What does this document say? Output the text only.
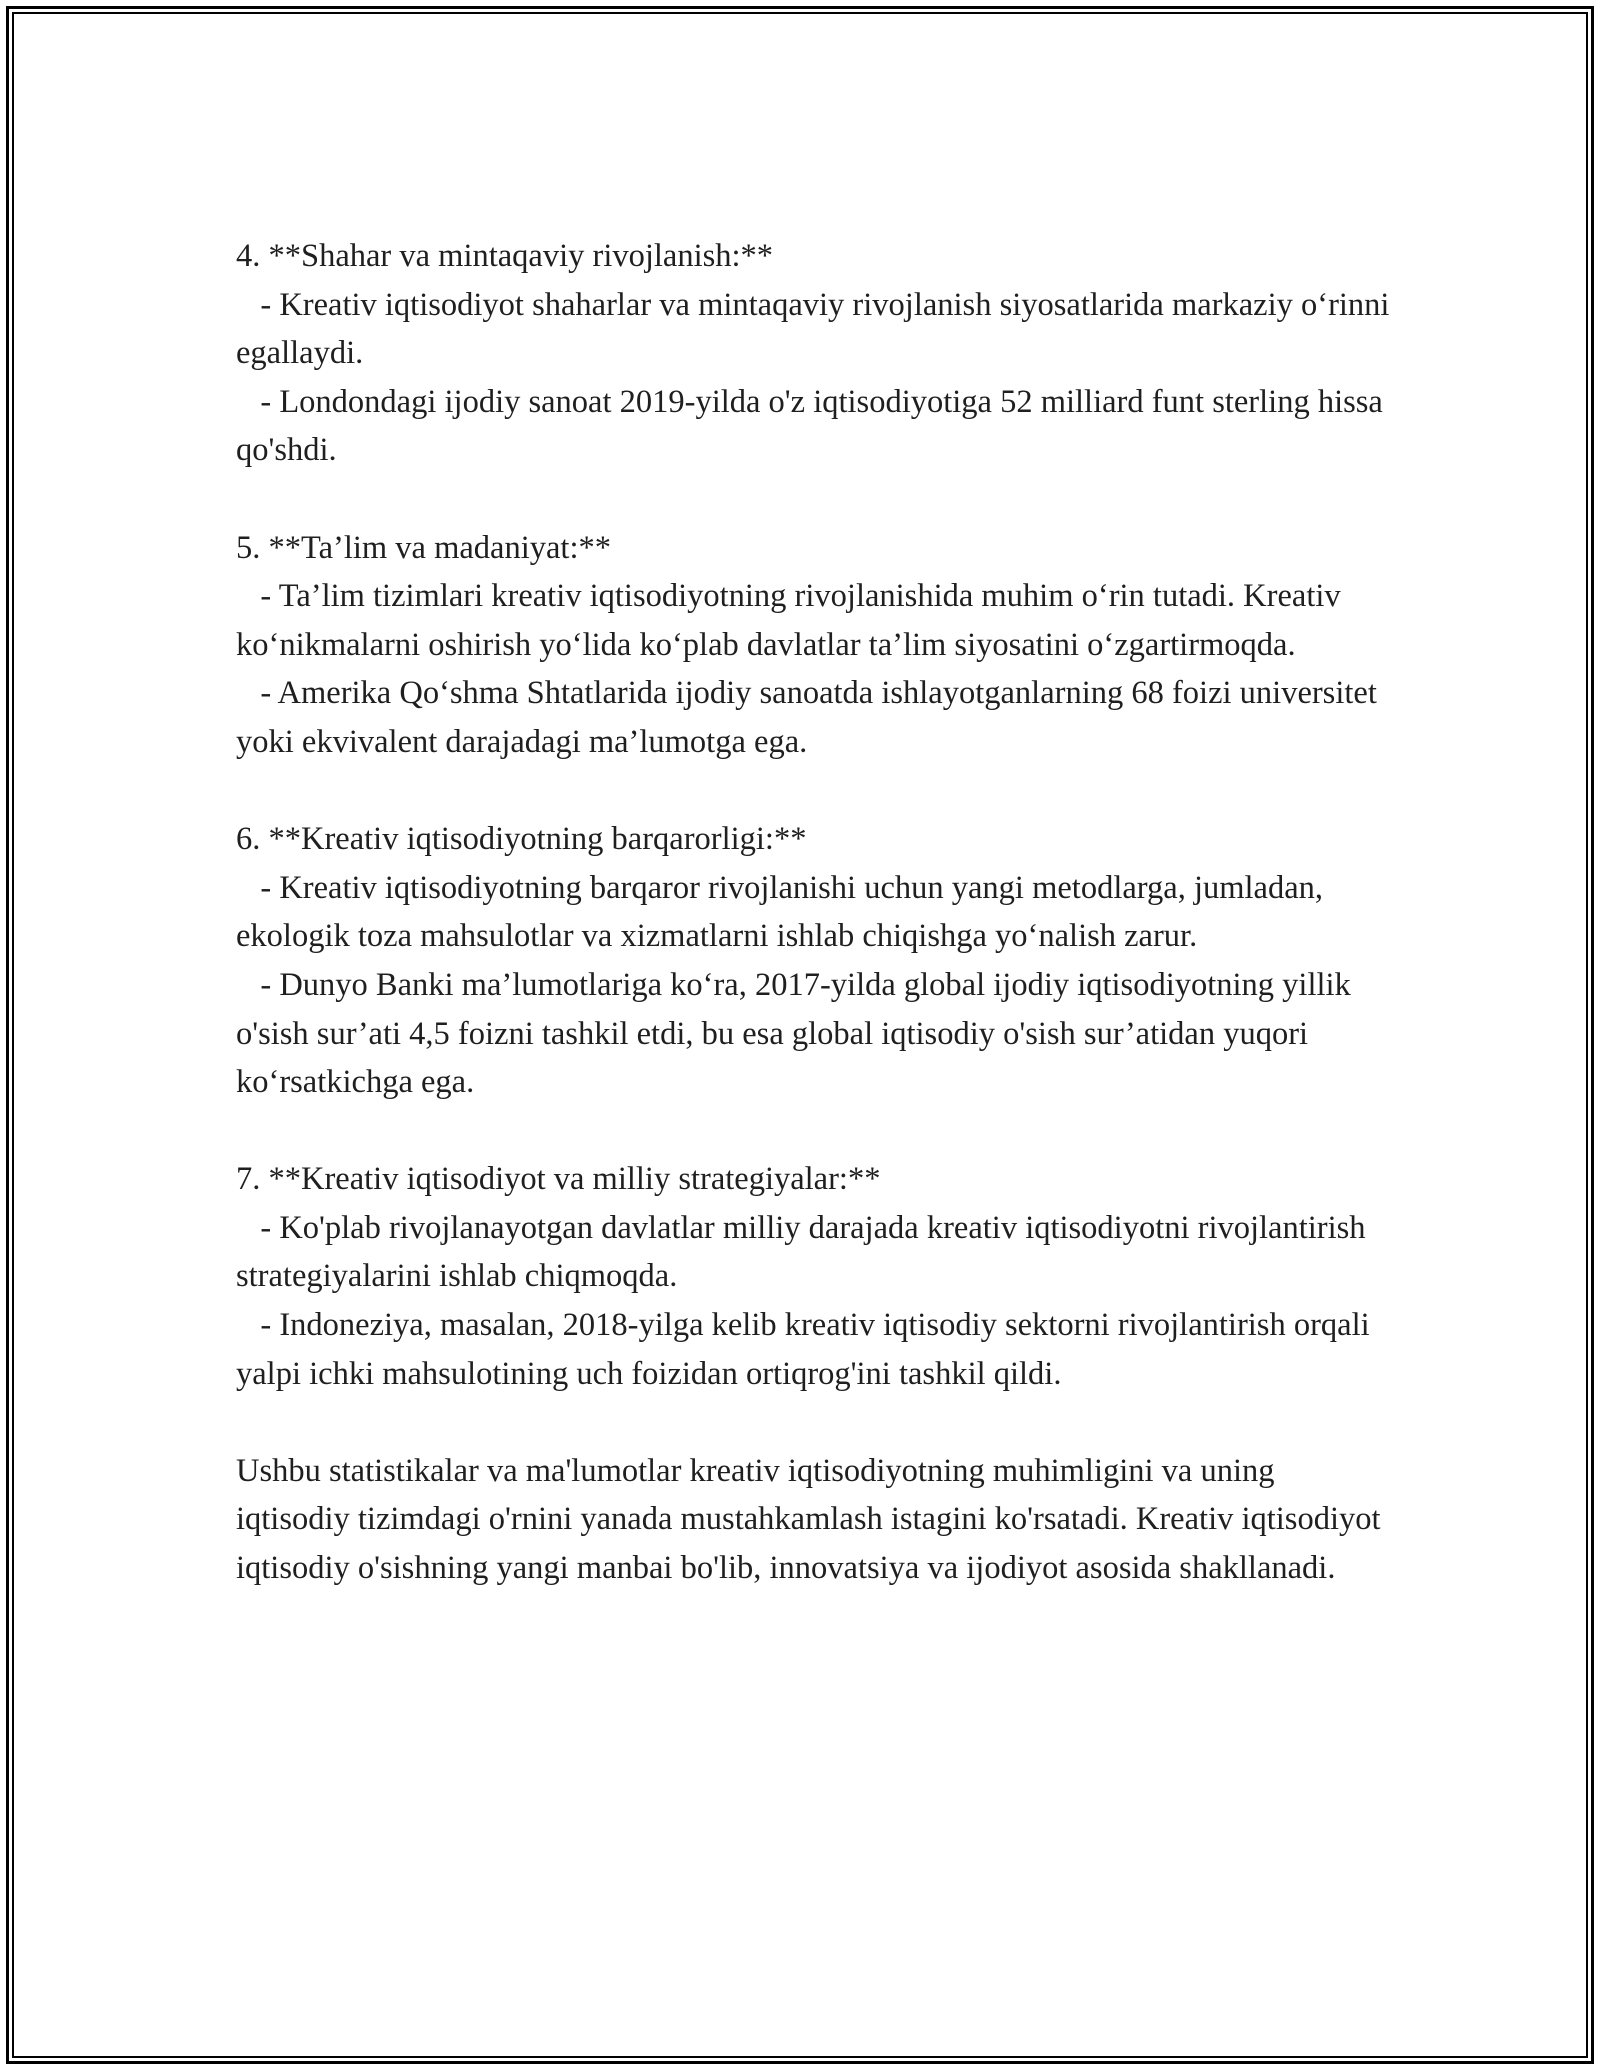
4. **Shahar va mintaqaviy rivojlanish:**

- Kreativ iqtisodiyot shaharlar va mintaqaviy rivojlanish siyosatlarida markaziy o‘rinni egallaydi.

- Londondagi ijodiy sanoat 2019-yilda o'z iqtisodiyotiga 52 milliard funt sterling hissa qo'shdi.

5. **Ta’lim va madaniyat:**

- Ta’lim tizimlari kreativ iqtisodiyotning rivojlanishida muhim o‘rin tutadi. Kreativ ko‘nikmalarni oshirish yo‘lida ko‘plab davlatlar ta’lim siyosatini o‘zgartirmoqda.

- Amerika Qo‘shma Shtatlarida ijodiy sanoatda ishlayotganlarning 68 foizi universitet yoki ekvivalent darajadagi ma’lumotga ega.

6. **Kreativ iqtisodiyotning barqarorligi:**

- Kreativ iqtisodiyotning barqaror rivojlanishi uchun yangi metodlarga, jumladan, ekologik toza mahsulotlar va xizmatlarni ishlab chiqishga yo‘nalish zarur.

- Dunyo Banki ma’lumotlariga ko‘ra, 2017-yilda global ijodiy iqtisodiyotning yillik o'sish sur’ati 4,5 foizni tashkil etdi, bu esa global iqtisodiy o'sish sur’atidan yuqori ko‘rsatkichga ega.

7. **Kreativ iqtisodiyot va milliy strategiyalar:**

- Ko'plab rivojlanayotgan davlatlar milliy darajada kreativ iqtisodiyotni rivojlantirish strategiyalarini ishlab chiqmoqda.

- Indoneziya, masalan, 2018-yilga kelib kreativ iqtisodiy sektorni rivojlantirish orqali yalpi ichki mahsulotining uch foizidan ortiqrog'ini tashkil qildi.

Ushbu statistikalar va ma'lumotlar kreativ iqtisodiyotning muhimligini va uning iqtisodiy tizimdagi o'rnini yanada mustahkamlash istagini ko'rsatadi. Kreativ iqtisodiyot iqtisodiy o'sishning yangi manbai bo'lib, innovatsiya va ijodiyot asosida shakllanadi.
